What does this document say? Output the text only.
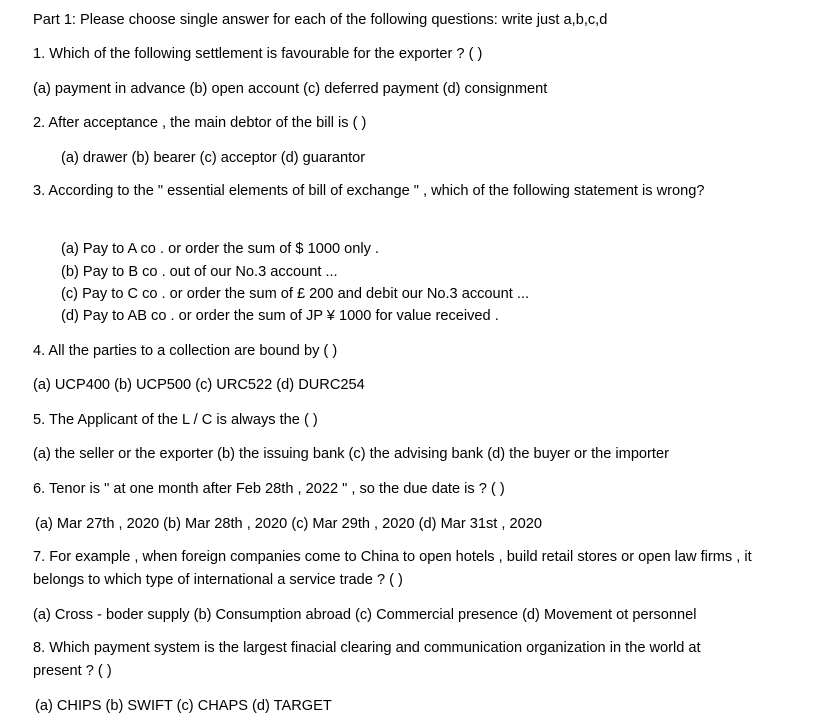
Part 1: Please choose single answer for each of the following questions: write just a,b,c,d
1. Which of the following settlement is favourable for the exporter ? ( )
(a) payment in advance (b) open account (c) deferred payment (d) consignment
2. After acceptance , the main debtor of the bill is ( )
(a) drawer (b) bearer (c) acceptor (d) guarantor
3. According to the " essential elements of bill of exchange " , which of the following statement is wrong?
(a) Pay to A co . or order the sum of $ 1000 only .
(b) Pay to B co . out of our No.3 account ...
(c) Pay to C co . or order the sum of £ 200 and debit our No.3 account ...
(d) Pay to AB co . or order the sum of JP ¥ 1000 for value received .
4. All the parties to a collection are bound by ( )
(a) UCP400 (b) UCP500 (c) URC522 (d) DURC254
5. The Applicant of the L / C is always the ( )
(a) the seller or the exporter (b) the issuing bank (c) the advising bank (d) the buyer or the importer
6. Tenor is " at one month after Feb 28th , 2022 " , so the due date is ? ( )
(a) Mar 27th , 2020 (b) Mar 28th , 2020 (c) Mar 29th , 2020 (d) Mar 31st , 2020
7. For example , when foreign companies come to China to open hotels , build retail stores or open law firms , it belongs to which type of international a service trade ? ( )
(a) Cross - boder supply (b) Consumption abroad (c) Commercial presence (d) Movement ot personnel
8. Which payment system is the largest finacial clearing and communication organization in the world at present ? ( )
(a) CHIPS (b) SWIFT (c) CHAPS (d) TARGET
